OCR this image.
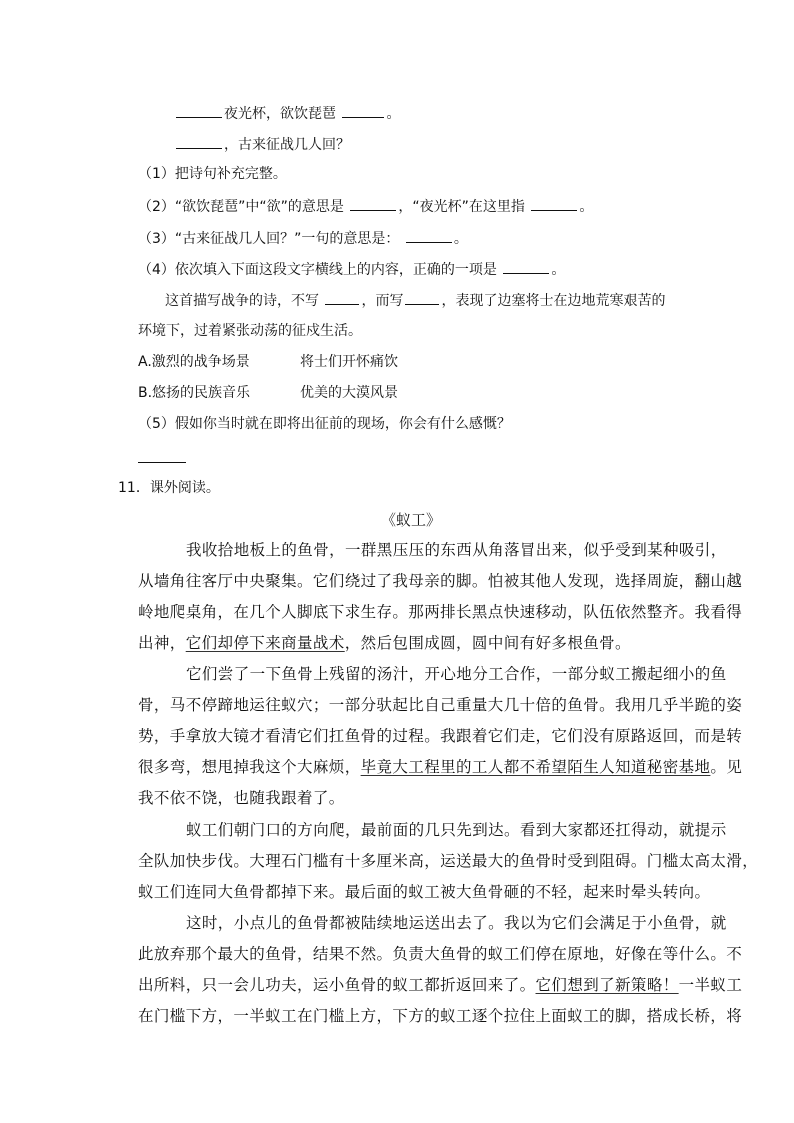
夜光杯，欲饮琵琶	。
，古来征战几人回？
（1）把诗句补充完整。
（2）“欲饮琵琶”中“欲”的意思是	，“夜光杯”在这里指	。
（3）“古来征战几人回？”一句的意思是：	。
（4）依次填入下面这段文字横线上的内容，正确的一项是	。
这首描写战争的诗，不写	，而写	，表现了边塞将士在边地荒寒艰苦的
环境下，过着紧张动荡的征戍生活。
A.激烈的战争场景	将士们开怀痛饮
B.悠扬的民族音乐	优美的大漠风景
（5）假如你当时就在即将出征前的现场，你会有什么感慨？
11．课外阅读。
《蚁工》
我收拾地板上的鱼骨，一群黑压压的东西从角落冒出来，似乎受到某种吸引，
从墙角往客厅中央聚集。它们绕过了我母亲的脚。怕被其他人发现，选择周旋，翻山越
岭地爬桌角，在几个人脚底下求生存。那两排长黑点快速移动，队伍依然整齐。我看得
出神，它们却停下来商量战术，然后包围成圆，圆中间有好多根鱼骨。
它们尝了一下鱼骨上残留的汤汁，开心地分工合作，一部分蚁工搬起细小的鱼
骨，马不停蹄地运往蚁穴；一部分驮起比自己重量大几十倍的鱼骨。我用几乎半跪的姿
势，手拿放大镜才看清它们扛鱼骨的过程。我跟着它们走，它们没有原路返回，而是转
很多弯，想甩掉我这个大麻烦，毕竟大工程里的工人都不希望陌生人知道秘密基地。见
我不依不饶，也随我跟着了。
蚁工们朝门口的方向爬，最前面的几只先到达。看到大家都还扛得动，就提示
全队加快步伐。大理石门槛有十多厘米高，运送最大的鱼骨时受到阻碍。门槛太高太滑，
蚁工们连同大鱼骨都掉下来。最后面的蚁工被大鱼骨砸的不轻，起来时晕头转向。
这时，小点儿的鱼骨都被陆续地运送出去了。我以为它们会满足于小鱼骨，就
此放弃那个最大的鱼骨，结果不然。负责大鱼骨的蚁工们停在原地，好像在等什么。不
出所料，只一会儿功夫，运小鱼骨的蚁工都折返回来了。它们想到了新策略！一半蚁工
在门槛下方，一半蚁工在门槛上方，下方的蚁工逐个拉住上面蚁工的脚，搭成长桥，将
